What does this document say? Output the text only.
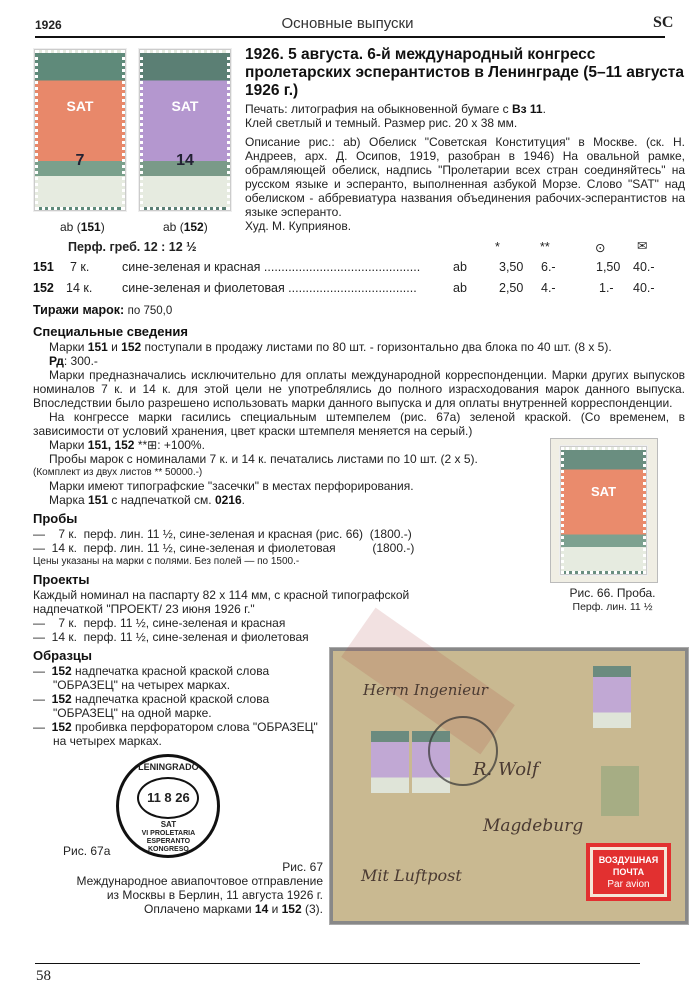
1926	Основные выпуски	SC
SAT
7
SAT
14
ab (151)	ab (152)
1926. 5 августа. 6-й международный конгресс пролетарских эсперантистов в Ленинграде (5–11 августа 1926 г.)
Печать: литография на обыкновенной бумаге с Вз 11.
Клей светлый и темный. Размер рис. 20 x 38 мм.
Описание рис.: ab) Обелиск "Советская Конституция" в Москве. (ск. Н. Андреев, арх. Д. Осипов, 1919, разобран в 1946) На овальной рамке, обрамляющей обелиск, надпись "Пролетарии всех стран соединяйтесь" на русском языке и эсперанто, выполненная азбукой Морзе. Слово "SAT" над обелиском - аббревиатура названия объединения рабочих-эсперантистов на языке эсперанто.
Худ. М. Куприянов.
Перф. греб. 12 : 12 ½	*	**	⊙	✉
151 7 к.	сине-зеленая и красная .............................................	ab	3,50 6.-	1,50 40.-
152 14 к. сине-зеленая и фиолетовая .....................................	ab	2,50 4.-	1.- 40.-
Тиражи марок: по 750,0
Специальные сведения
Марки 151 и 152 поступали в продажу листами по 80 шт. - горизонтально два блока по 40 шт. (8 x 5).
Рд: 300.-
Марки предназначались исключительно для оплаты международной корреспонденции. Марки других выпусков номиналов 7 к. и 14 к. для этой цели не употреблялись до полного израсходования марок данного выпуска. Впоследствии было разрешено использовать марки данного выпуска и для оплаты внутренней корреспонденции.
На конгрессе марки гасились специальным штемпелем (рис. 67а) зеленой краской. (Со временем, в зависимости от условий хранения, цвет краски штемпеля меняется на серый.)
SAT
Рис. 66. Проба.
Перф. лин. 11 ½
Марки 151, 152 **⊞: +100%.
Пробы марок с номиналами 7 к. и 14 к. печатались листами по 10 шт. (2 x 5).
(Комплект из двух листов ** 50000.-)
Марки имеют типографские "засечки" в местах перфорирования.
Марка 151 с надпечаткой см. 0216.
Пробы
—    7 к.  перф. лин. 11 ½, сине-зеленая и красная (рис. 66)  (1800.-)
—  14 к.  перф. лин. 11 ½, сине-зеленая и фиолетовая           (1800.-)
Цены указаны на марки с полями. Без полей — по 1500.-
Проекты
Каждый номинал на паспарту 82 x 114 мм, с красной типографской надпечаткой "ПРОЕКТ/ 23 июня 1926 г."
—    7 к.  перф. 11 ½, сине-зеленая и красная
—  14 к.  перф. 11 ½, сине-зеленая и фиолетовая
Образцы
—  152 надпечатка красной краской слова "ОБРАЗЕЦ" на четырех марках.
—  152 надпечатка красной краской слова "ОБРАЗЕЦ" на одной марке.
—  152 пробивка перфоратором слова "ОБРАЗЕЦ" на четырех марках.
Рис. 67а
LENINGRADO
11 8 26
SAT
VI PROLETARIA ESPERANTO KONGRESO
Рис. 67
Международное авиапочтовое отправление
из Москвы в Берлин, 11 августа 1926 г.
Оплачено марками 14 и 152 (3).
Herrn Ingenieur
R. Wolf
Magdeburg
Mit Luftpost
ВОЗДУШНАЯ
ПОЧТА
Par avion
58
